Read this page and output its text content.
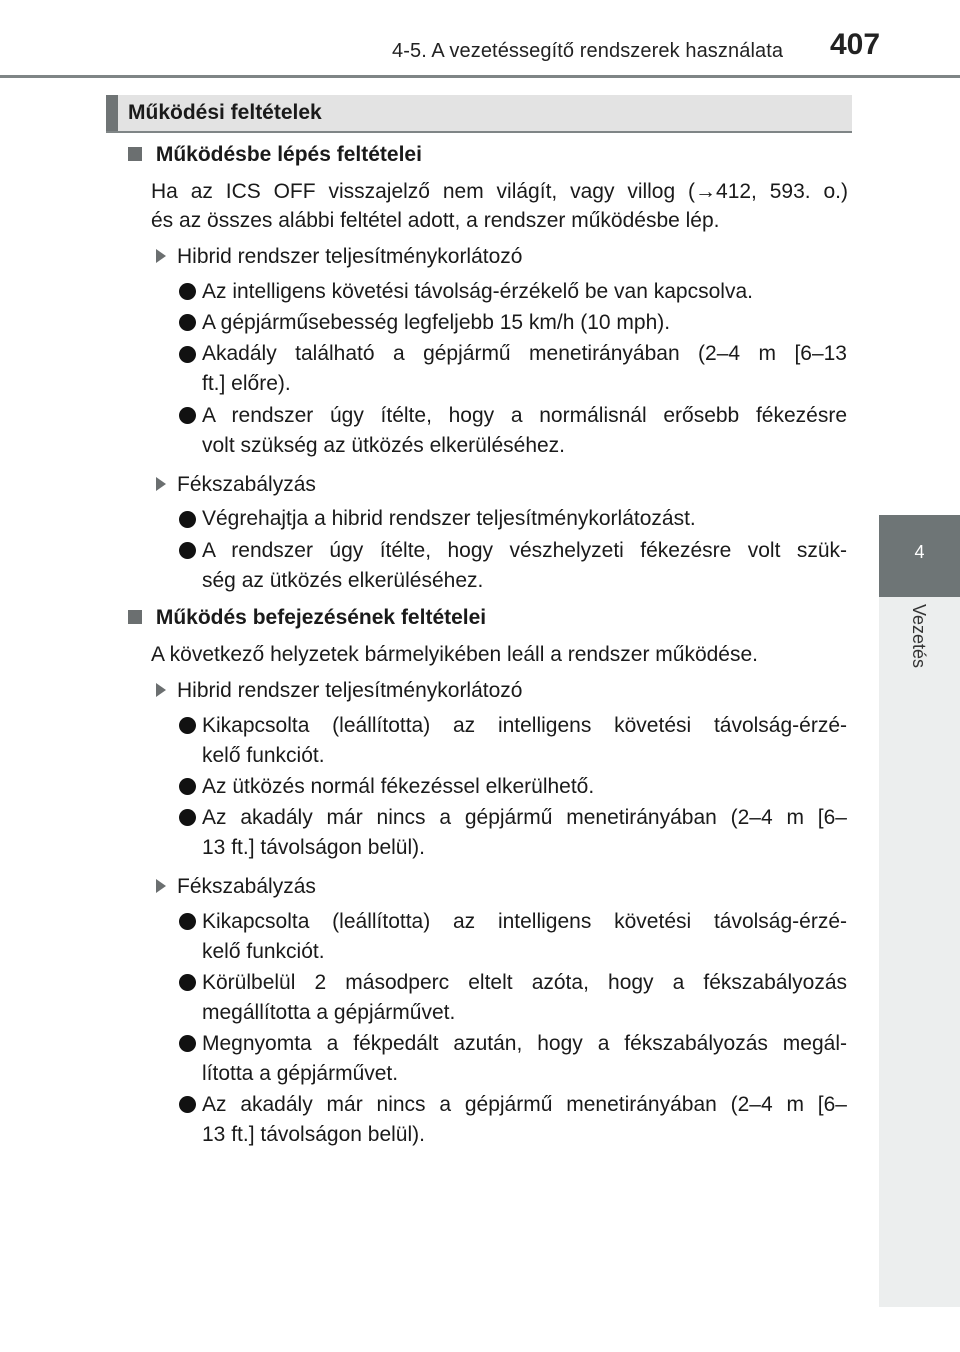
4-5. A vezetéssegítő rendszerek használata 407
4
Vezetés
Működési feltételek
Működésbe lépés feltételei
Ha az ICS OFF visszajelző nem világít, vagy villog (→412, 593. o.)
és az összes alábbi feltétel adott, a rendszer működésbe lép.
Hibrid rendszer teljesítménykorlátozó
Az intelligens követési távolság-érzékelő be van kapcsolva.
A gépjárműsebesség legfeljebb 15 km/h (10 mph).
Akadály található a gépjármű menetirányában (2–4 m [6–13
ft.] előre).
A rendszer úgy ítélte, hogy a normálisnál erősebb fékezésre
volt szükség az ütközés elkerüléséhez.
Fékszabályzás
Végrehajtja a hibrid rendszer teljesítménykorlátozást.
A rendszer úgy ítélte, hogy vészhelyzeti fékezésre volt szük-
ség az ütközés elkerüléséhez.
Működés befejezésének feltételei
A következő helyzetek bármelyikében leáll a rendszer működése.
Hibrid rendszer teljesítménykorlátozó
Kikapcsolta (leállította) az intelligens követési távolság-érzé-
kelő funkciót.
Az ütközés normál fékezéssel elkerülhető.
Az akadály már nincs a gépjármű menetirányában (2–4 m [6–
13 ft.] távolságon belül).
Fékszabályzás
Kikapcsolta (leállította) az intelligens követési távolság-érzé-
kelő funkciót.
Körülbelül 2 másodperc eltelt azóta, hogy a fékszabályozás
megállította a gépjárművet.
Megnyomta a fékpedált azután, hogy a fékszabályozás megál-
lította a gépjárművet.
Az akadály már nincs a gépjármű menetirányában (2–4 m [6–
13 ft.] távolságon belül).
